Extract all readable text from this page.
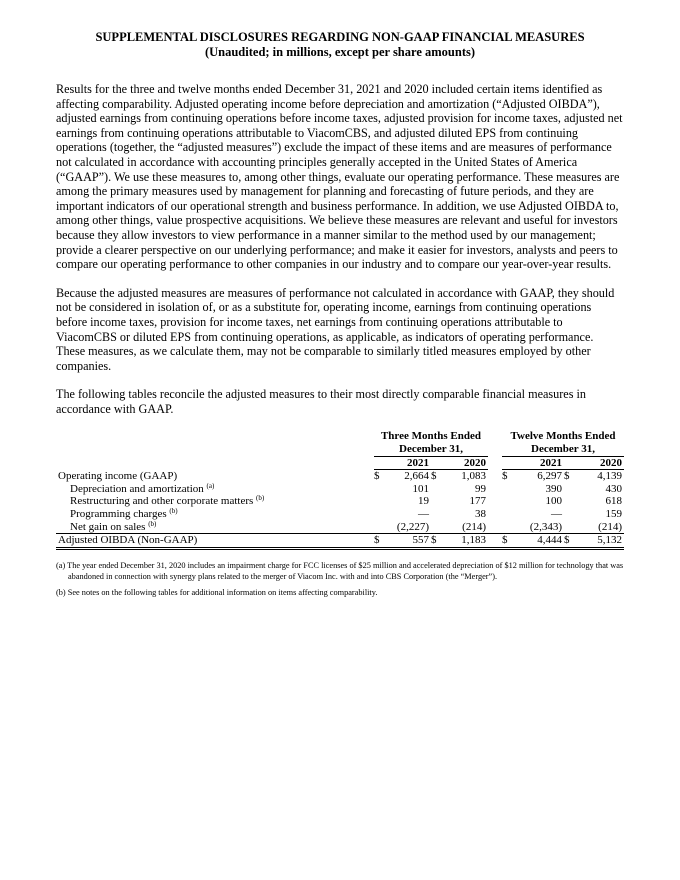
SUPPLEMENTAL DISCLOSURES REGARDING NON-GAAP FINANCIAL MEASURES
(Unaudited; in millions, except per share amounts)

Results for the three and twelve months ended December 31, 2021 and 2020 included certain items identified as affecting comparability. Adjusted operating income before depreciation and amortization (“Adjusted OIBDA”), adjusted earnings from continuing operations before income taxes, adjusted provision for income taxes, adjusted net earnings from continuing operations attributable to ViacomCBS, and adjusted diluted EPS from continuing operations (together, the “adjusted measures”) exclude the impact of these items and are measures of performance not calculated in accordance with accounting principles generally accepted in the United States of America (“GAAP”). We use these measures to, among other things, evaluate our operating performance. These measures are among the primary measures used by management for planning and forecasting of future periods, and they are important indicators of our operational strength and business performance. In addition, we use Adjusted OIBDA to, among other things, value prospective acquisitions. We believe these measures are relevant and useful for investors because they allow investors to view performance in a manner similar to the method used by our management; provide a clearer perspective on our underlying performance; and make it easier for investors, analysts and peers to compare our operating performance to other companies in our industry and to compare our year-over-year results.

Because the adjusted measures are measures of performance not calculated in accordance with GAAP, they should not be considered in isolation of, or as a substitute for, operating income, earnings from continuing operations before income taxes, provision for income taxes, net earnings from continuing operations attributable to ViacomCBS or diluted EPS from continuing operations, as applicable, as indicators of operating performance. These measures, as we calculate them, may not be comparable to similarly titled measures employed by other companies.

The following tables reconcile the adjusted measures to their most directly comparable financial measures in accordance with GAAP.

	Three Months Ended					Twelve Months Ended			
	December 31,					December 31,			
	2021		2020			2021		2020	
Operating income (GAAP)	$	2,664	$	1,083		$	6,297	$	4,139
Depreciation and amortization $^{(a)}$		101		99			390		430
Restructuring and other corporate matters $^{(b)}$		19		177			100		618
Programming charges $^{(b)}$		—		38			—		159
Net gain on sales $^{(b)}$		(2,227)		(214)			(2,343)		(214)
Adjusted OIBDA (Non-GAAP)	$	557	$	1,183		$	4,444	$	5,132

(a) The year ended December 31, 2020 includes an impairment charge for FCC licenses of $25 million and accelerated depreciation of $12 million for technology that was abandoned in connection with synergy plans related to the merger of Viacom Inc. with and into CBS Corporation (the “Merger”).

(b) See notes on the following tables for additional information on items affecting comparability.
